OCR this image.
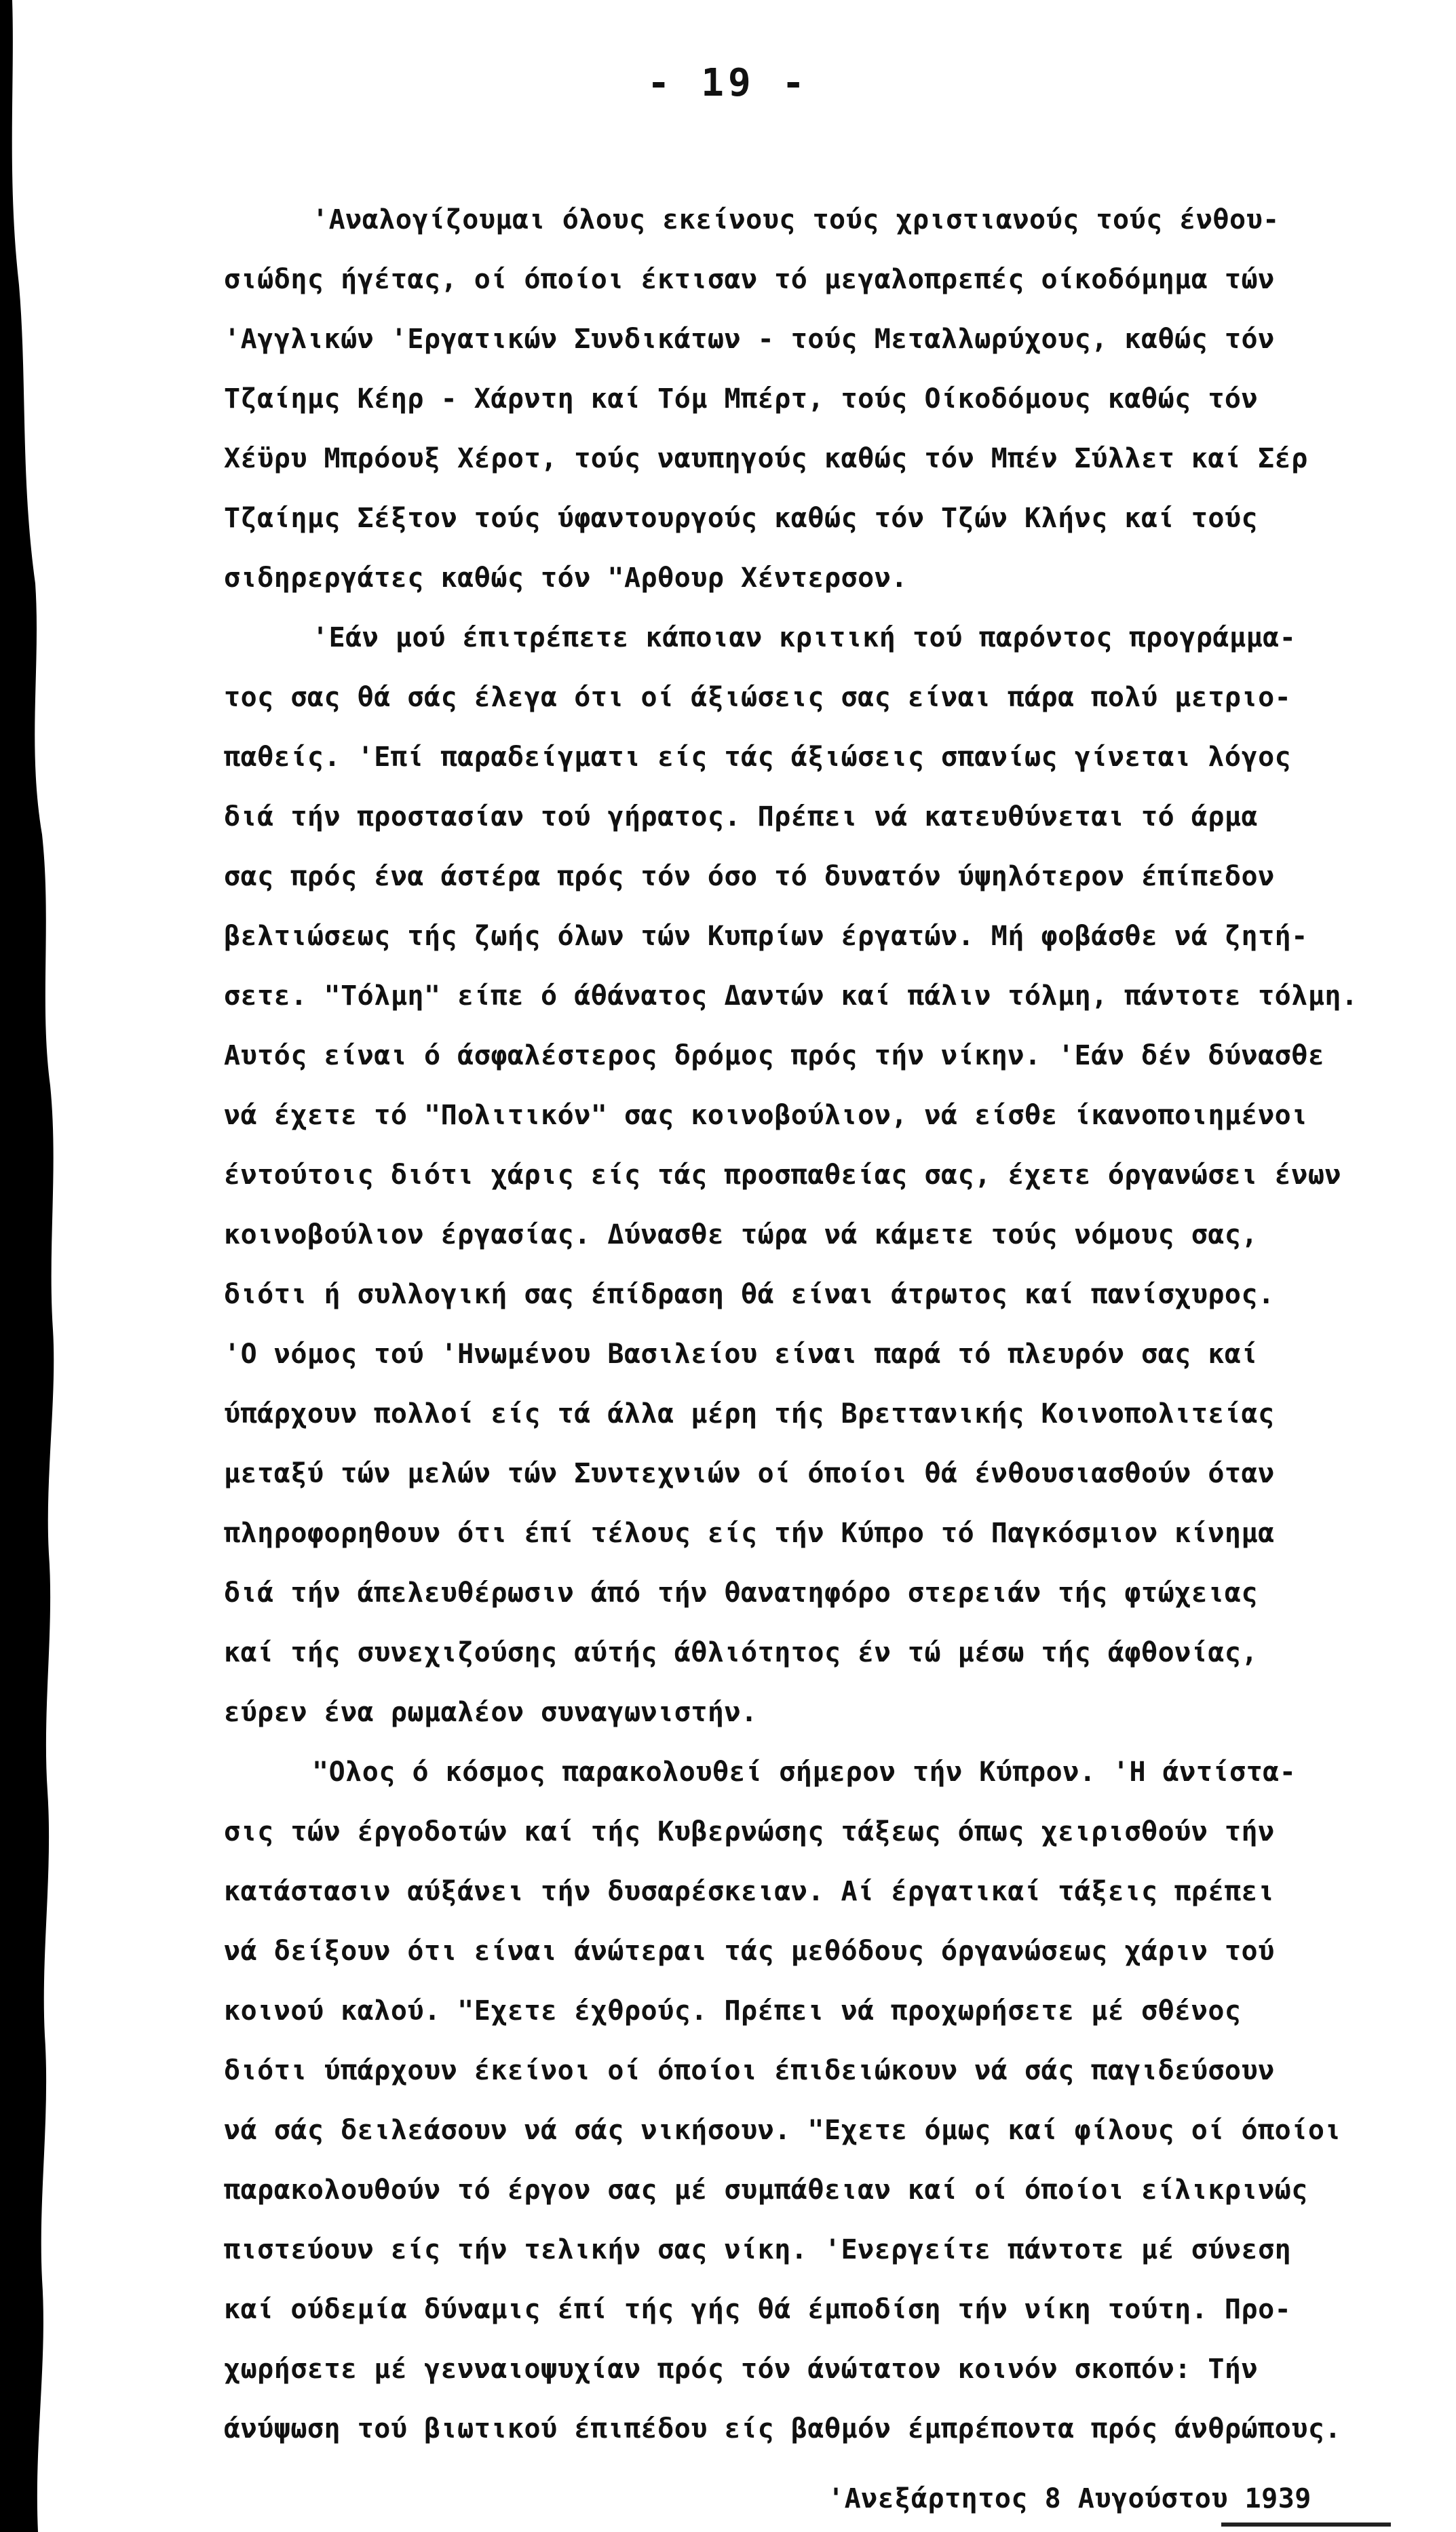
- 19 -
'Αναλογίζουμαι όλους εκείνους τούς χριστιανούς τούς ένθου-
σιώδης ήγέτας, οί όποίοι έκτισαν τό μεγαλοπρεπές οίκοδόμημα τών
'Αγγλικών 'Εργατικών Συνδικάτων - τούς Μεταλλωρύχους, καθώς τόν
Τζαίημς Κέηρ - Χάρντη καί Τόμ Μπέρτ, τούς Οίκοδόμους καθώς τόν
Χέϋρυ Μπρόουξ Χέροτ, τούς ναυπηγούς καθώς τόν Μπέν Σύλλετ καί Σέρ
Τζαίημς Σέξτον τούς ύφαντουργούς καθώς τόν Τζών Κλήνς καί τούς
σιδηρεργάτες καθώς τόν "Αρθουρ Χέντερσον.
'Εάν μού έπιτρέπετε κάποιαν κριτική τού παρόντος προγράμμα-
τος σας θά σάς έλεγα ότι οί άξιώσεις σας είναι πάρα πολύ μετριο-
παθείς. 'Επί παραδείγματι είς τάς άξιώσεις σπανίως γίνεται λόγος
διά τήν προστασίαν τού γήρατος. Πρέπει νά κατευθύνεται τό άρμα
σας πρός ένα άστέρα πρός τόν όσο τό δυνατόν ύψηλότερον έπίπεδον
βελτιώσεως τής ζωής όλων τών Κυπρίων έργατών. Μή φοβάσθε νά ζητή-
σετε. "Τόλμη" είπε ό άθάνατος Δαντών καί πάλιν τόλμη, πάντοτε τόλμη.
Αυτός είναι ό άσφαλέστερος δρόμος πρός τήν νίκην. 'Εάν δέν δύνασθε
νά έχετε τό "Πολιτικόν" σας κοινοβούλιον, νά είσθε ίκανοποιημένοι
έντούτοις διότι χάρις είς τάς προσπαθείας σας, έχετε όργανώσει ένων
κοινοβούλιον έργασίας. Δύνασθε τώρα νά κάμετε τούς νόμους σας,
διότι ή συλλογική σας έπίδραση θά είναι άτρωτος καί πανίσχυρος.
'Ο νόμος τού 'Ηνωμένου Βασιλείου είναι παρά τό πλευρόν σας καί
ύπάρχουν πολλοί είς τά άλλα μέρη τής Βρεττανικής Κοινοπολιτείας
μεταξύ τών μελών τών Συντεχνιών οί όποίοι θά ένθουσιασθούν όταν
πληροφορηθουν ότι έπί τέλους είς τήν Κύπρο τό Παγκόσμιον κίνημα
διά τήν άπελευθέρωσιν άπό τήν θανατηφόρο στερειάν τής φτώχειας
καί τής συνεχιζούσης αύτής άθλιότητος έν τώ μέσω τής άφθονίας,
εύρεν ένα ρωμαλέον συναγωνιστήν.
"Ολος ό κόσμος παρακολουθεί σήμερον τήν Κύπρον. 'Η άντίστα-
σις τών έργοδοτών καί τής Κυβερνώσης τάξεως όπως χειρισθούν τήν
κατάστασιν αύξάνει τήν δυσαρέσκειαν. Αί έργατικαί τάξεις πρέπει
νά δείξουν ότι είναι άνώτεραι τάς μεθόδους όργανώσεως χάριν τού
κοινού καλού. "Εχετε έχθρούς. Πρέπει νά προχωρήσετε μέ σθένος
διότι ύπάρχουν έκείνοι οί όποίοι έπιδειώκουν νά σάς παγιδεύσουν
νά σάς δειλεάσουν νά σάς νικήσουν. "Εχετε όμως καί φίλους οί όποίοι
παρακολουθούν τό έργον σας μέ συμπάθειαν καί οί όποίοι είλικρινώς
πιστεύουν είς τήν τελικήν σας νίκη. 'Ενεργείτε πάντοτε μέ σύνεση
καί ούδεμία δύναμις έπί τής γής θά έμποδίση τήν νίκη τούτη. Προ-
χωρήσετε μέ γενναιοψυχίαν πρός τόν άνώτατον κοινόν σκοπόν: Τήν
άνύψωση τού βιωτικού έπιπέδου είς βαθμόν έμπρέποντα πρός άνθρώπους.
'Ανεξάρτητος 8 Αυγούστου 1939
